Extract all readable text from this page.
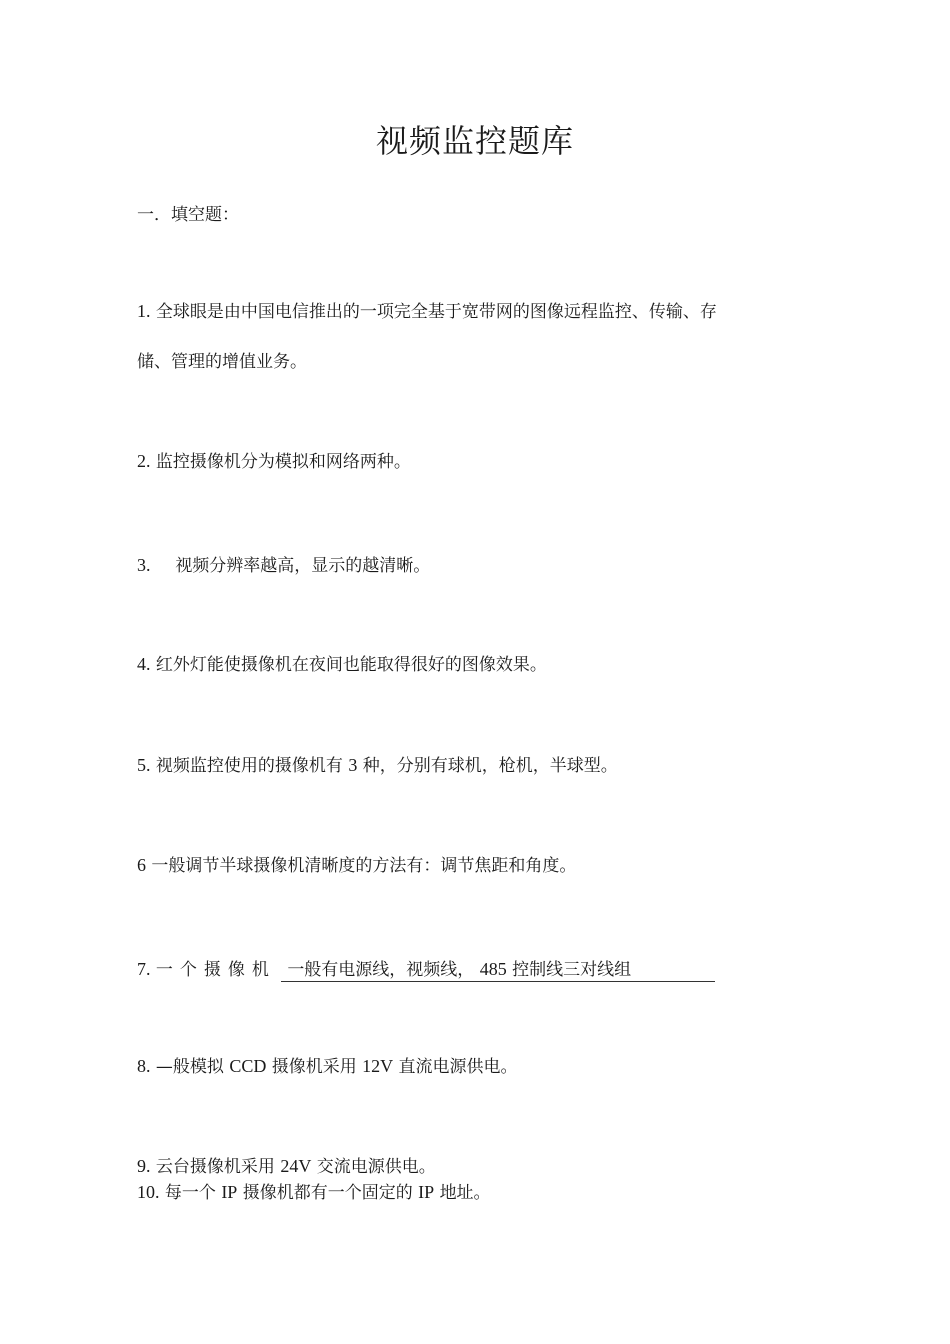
视频监控题库
一．填空题：
1. 全球眼是由中国电信推出的一项完全基于宽带网的图像远程监控、传输、存
储、管理的增值业务。
2. 监控摄像机分为模拟和网络两种。
3. 视频分辨率越高，显示的越清晰。
4. 红外灯能使摄像机在夜间也能取得很好的图像效果。
5. 视频监控使用的摄像机有 3 种，分别有球机，枪机，半球型。
6 一般调节半球摄像机清晰度的方法有：调节焦距和角度。
7. 一个摄像机 一般有电源线，视频线， 485 控制线三对线组
8. —般模拟 CCD 摄像机采用 12V 直流电源供电。
9. 云台摄像机采用 24V 交流电源供电。
10. 每一个 IP 摄像机都有一个固定的 IP 地址。
